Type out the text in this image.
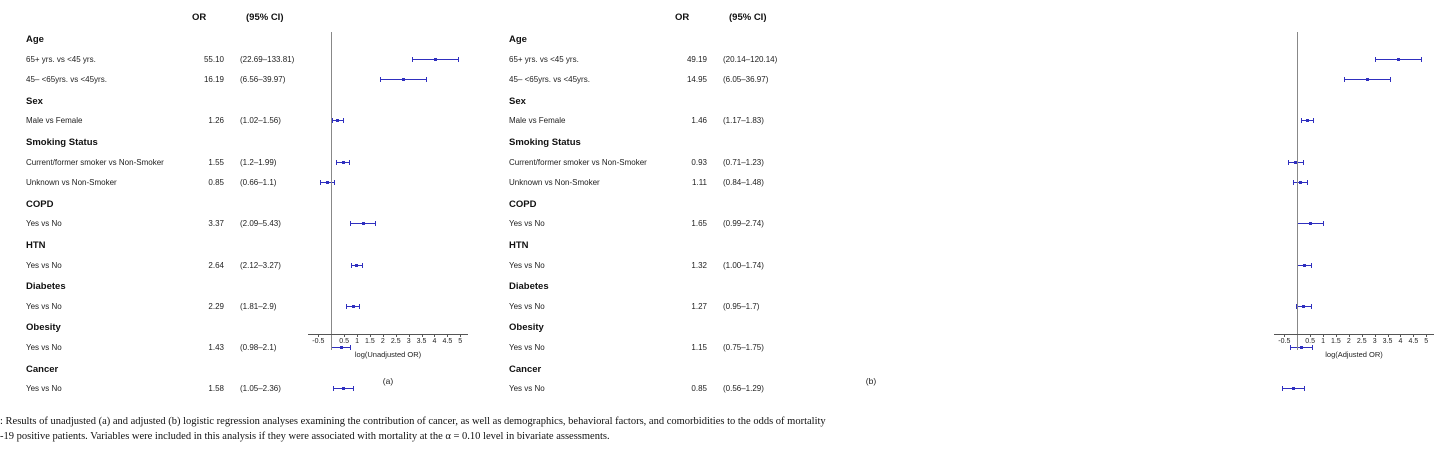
OR	(95% CI)
Age
65+ yrs. vs <45 yrs.	55.10 (22.69–133.81)
45– <65yrs. vs <45yrs.	16.19 (6.56–39.97)
Sex
Male vs Female	1.26 (1.02–1.56)
Smoking Status
Current/former smoker vs Non-Smoker	1.55 (1.2–1.99)
Unknown vs Non-Smoker	0.85 (0.66–1.1)
COPD
Yes vs No	3.37 (2.09–5.43)
HTN
Yes vs No	2.64 (2.12–3.27)
Diabetes
Yes vs No	2.29 (1.81–2.9)
Obesity
Yes vs No	1.43 (0.98–2.1)
Cancer
Yes vs No	1.58 (1.05–2.36)
-0.5 0.5 1 1.5 2 2.5 3 3.5 4 4.5 5
log(Unadjusted OR)
(a)
OR	(95% CI)
Age
65+ yrs. vs <45 yrs.	49.19 (20.14–120.14)
45– <65yrs. vs <45yrs.	14.95 (6.05–36.97)
Sex
Male vs Female	1.46 (1.17–1.83)
Smoking Status
Current/former smoker vs Non-Smoker	0.93 (0.71–1.23)
Unknown vs Non-Smoker	1.11 (0.84–1.48)
COPD
Yes vs No	1.65 (0.99–2.74)
HTN
Yes vs No	1.32 (1.00–1.74)
Diabetes
Yes vs No	1.27 (0.95–1.7)
Obesity
Yes vs No	1.15 (0.75–1.75)
Cancer
Yes vs No	0.85 (0.56–1.29)
-0.5 0.5 1 1.5 2 2.5 3 3.5 4 4.5 5
log(Adjusted OR)
(b)
: Results of unadjusted (a) and adjusted (b) logistic regression analyses examining the contribution of cancer, as well as demographics, behavioral factors, and comorbidities to the odds of mortality
-19 positive patients. Variables were included in this analysis if they were associated with mortality at the α = 0.10 level in bivariate assessments.
